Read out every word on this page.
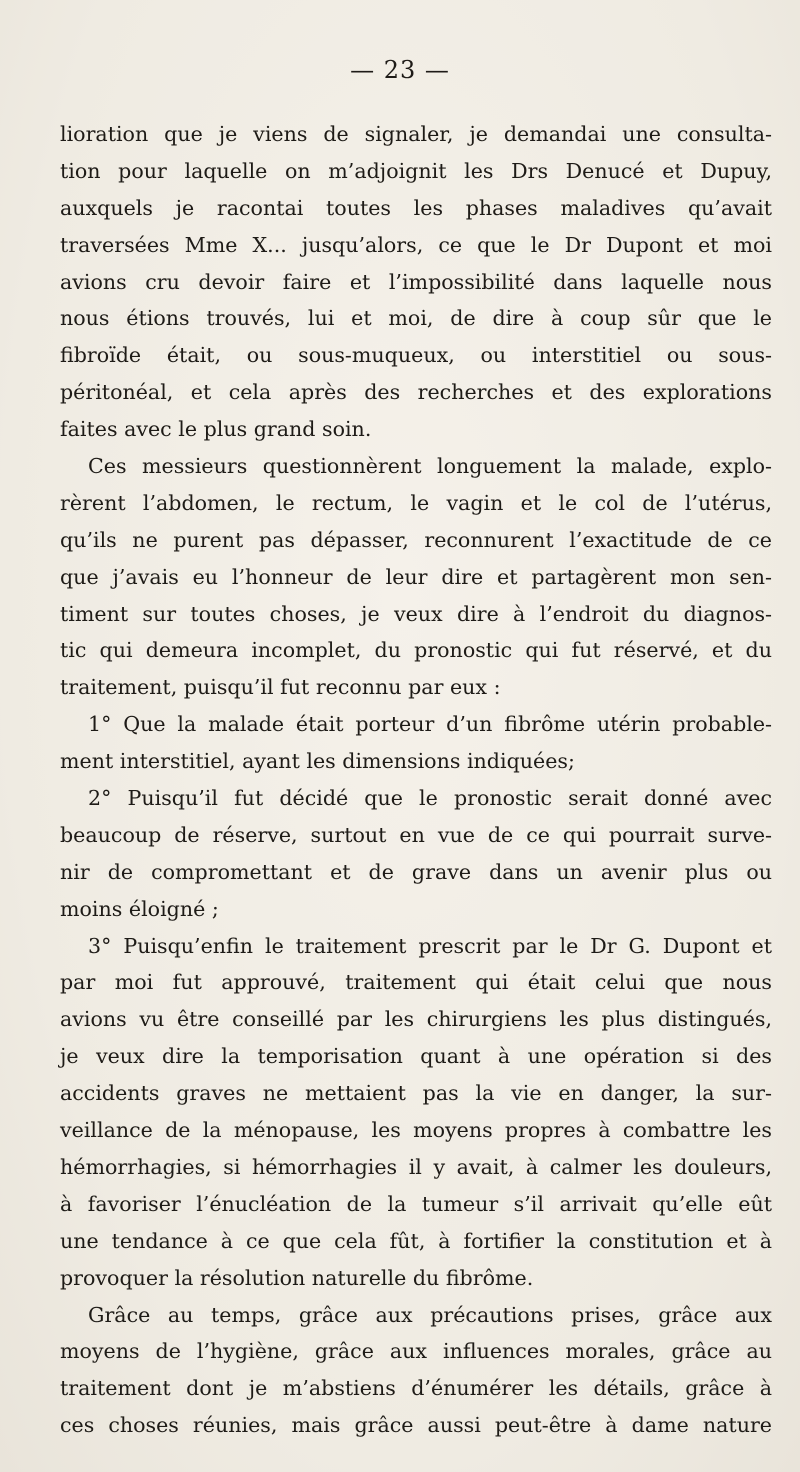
— 23 —
lioration que je viens de signaler, je demandai une consulta-
tion pour laquelle on m’adjoignit les Drs Denucé et Dupuy,
auxquels je racontai toutes les phases maladives qu’avait
traversées Mme X... jusqu’alors, ce que le Dr Dupont et moi
avions cru devoir faire et l’impossibilité dans laquelle nous
nous étions trouvés, lui et moi, de dire à coup sûr que le
fibroïde était, ou sous-muqueux, ou interstitiel ou sous-
péritonéal, et cela après des recherches et des explorations
faites avec le plus grand soin.
Ces messieurs questionnèrent longuement la malade, explo-
rèrent l’abdomen, le rectum, le vagin et le col de l’utérus,
qu’ils ne purent pas dépasser, reconnurent l’exactitude de ce
que j’avais eu l’honneur de leur dire et partagèrent mon sen-
timent sur toutes choses, je veux dire à l’endroit du diagnos-
tic qui demeura incomplet, du pronostic qui fut réservé, et du
traitement, puisqu’il fut reconnu par eux :
1° Que la malade était porteur d’un fibrôme utérin probable-
ment interstitiel, ayant les dimensions indiquées;
2° Puisqu’il fut décidé que le pronostic serait donné avec
beaucoup de réserve, surtout en vue de ce qui pourrait surve-
nir de compromettant et de grave dans un avenir plus ou
moins éloigné ;
3° Puisqu’enfin le traitement prescrit par le Dr G. Dupont et
par moi fut approuvé, traitement qui était celui que nous
avions vu être conseillé par les chirurgiens les plus distingués,
je veux dire la temporisation quant à une opération si des
accidents graves ne mettaient pas la vie en danger, la sur-
veillance de la ménopause, les moyens propres à combattre les
hémorrhagies, si hémorrhagies il y avait, à calmer les douleurs,
à favoriser l’énucléation de la tumeur s’il arrivait qu’elle eût
une tendance à ce que cela fût, à fortifier la constitution et à
provoquer la résolution naturelle du fibrôme.
Grâce au temps, grâce aux précautions prises, grâce aux
moyens de l’hygiène, grâce aux influences morales, grâce au
traitement dont je m’abstiens d’énumérer les détails, grâce à
ces choses réunies, mais grâce aussi peut-être à dame nature
